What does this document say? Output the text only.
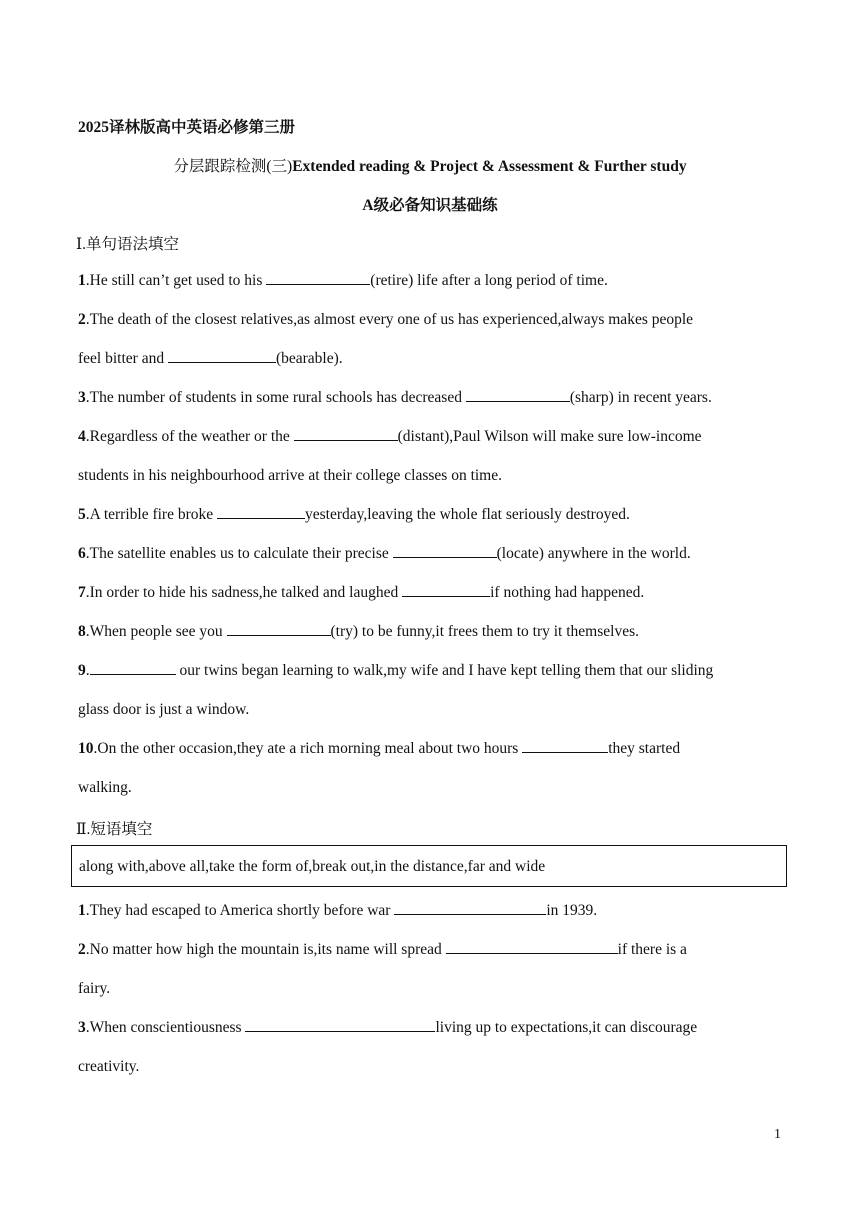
2025译林版高中英语必修第三册

分层跟踪检测(三)Extended reading & Project & Assessment & Further study

A级必备知识基础练

Ⅰ.单句语法填空

1.He still can’t get used to his	(retire) life after a long period of time.
2.The death of the closest relatives,as almost every one of us has experienced,always makes people
feel bitter and	(bearable).
3.The number of students in some rural schools has decreased	(sharp) in recent years.
4.Regardless of the weather or the	(distant),Paul Wilson will make sure low-income
students in his neighbourhood arrive at their college classes on time.
5.A terrible fire broke	yesterday,leaving the whole flat seriously destroyed.
6.The satellite enables us to calculate their precise	(locate) anywhere in the world.
7.In order to hide his sadness,he talked and laughed	if nothing had happened.
8.When people see you	(try) to be funny,it frees them to try it themselves.
9.	our twins began learning to walk,my wife and I have kept telling them that our sliding
glass door is just a window.
10.On the other occasion,they ate a rich morning meal about two hours	they started
walking.

Ⅱ.短语填空

along with,above all,take the form of,break out,in the distance,far and wide
1.They had escaped to America shortly before war	in 1939.
2.No matter how high the mountain is,its name will spread	if there is a
fairy.
3.When conscientiousness	living up to expectations,it can discourage
creativity.
1
